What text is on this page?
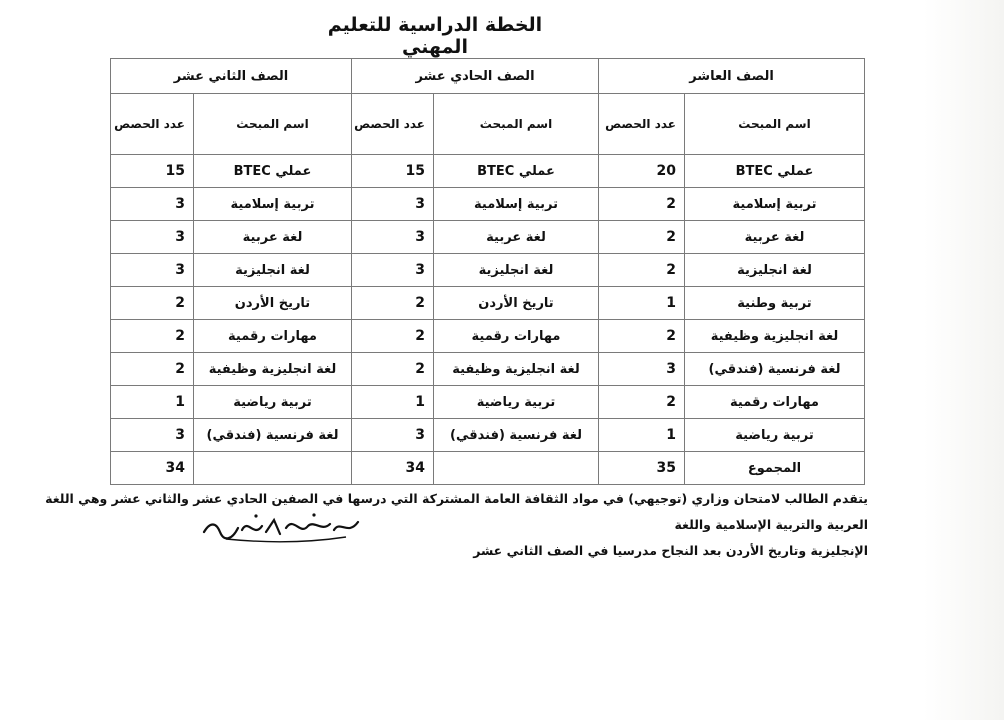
الخطة الدراسية للتعليم المهني
الصف العاشر		الصف الحادي عشر		الصف الثاني عشر	
اسم المبحث	عدد الحصص	اسم المبحث	عدد الحصص	اسم المبحث	عدد الحصص
عملي BTEC	20	عملي BTEC	15	عملي BTEC	15
تربية إسلامية	2	تربية إسلامية	3	تربية إسلامية	3
لغة عربية	2	لغة عربية	3	لغة عربية	3
لغة انجليزية	2	لغة انجليزية	3	لغة انجليزية	3
تربية وطنية	1	تاريخ الأردن	2	تاريخ الأردن	2
لغة انجليزية وظيفية	2	مهارات رقمية	2	مهارات رقمية	2
لغة فرنسية (فندقي)	3	لغة انجليزية وظيفية	2	لغة انجليزية وظيفية	2
مهارات رقمية	2	تربية رياضية	1	تربية رياضية	1
تربية رياضية	1	لغة فرنسية (فندقي)	3	لغة فرنسية (فندقي)	3
المجموع	35		34		34
يتقدم الطالب لامتحان وزاري (توجيهي) في مواد الثقافة العامة المشتركة التي درسها في الصفين الحادي عشر والثاني عشر وهي اللغة العربية والتربية الإسلامية واللغة
الإنجليزية وتاريخ الأردن بعد النجاح مدرسيا في الصف الثاني عشر
